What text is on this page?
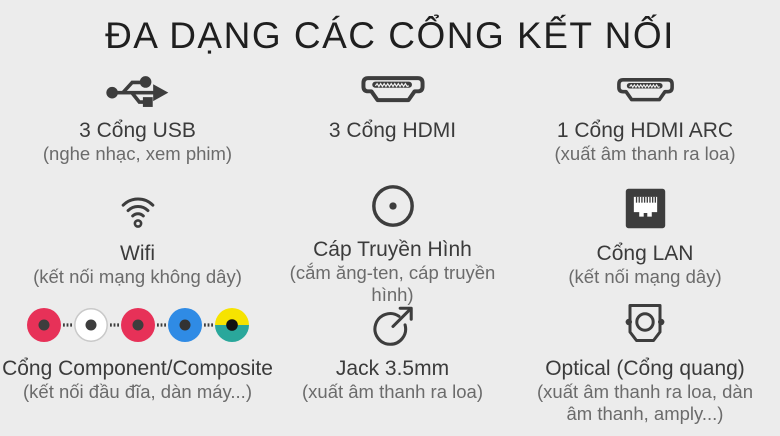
ĐA DẠNG CÁC CỔNG KẾT NỐI
3 Cổng USB
(nghe nhạc, xem phim)
3 Cổng HDMI	1 Cổng HDMI ARC
(xuất âm thanh ra loa)
Wifi
(kết nối mạng không dây)
Cáp Truyền Hình
(cắm ăng-ten, cáp truyền hình)
Cổng LAN
(kết nối mạng dây)
Cổng Component/Composite
(kết nối đầu đĩa, dàn máy...)
Jack 3.5mm
(xuất âm thanh ra loa)
Optical (Cổng quang)
(xuất âm thanh ra loa, dàn âm thanh, amply...)
